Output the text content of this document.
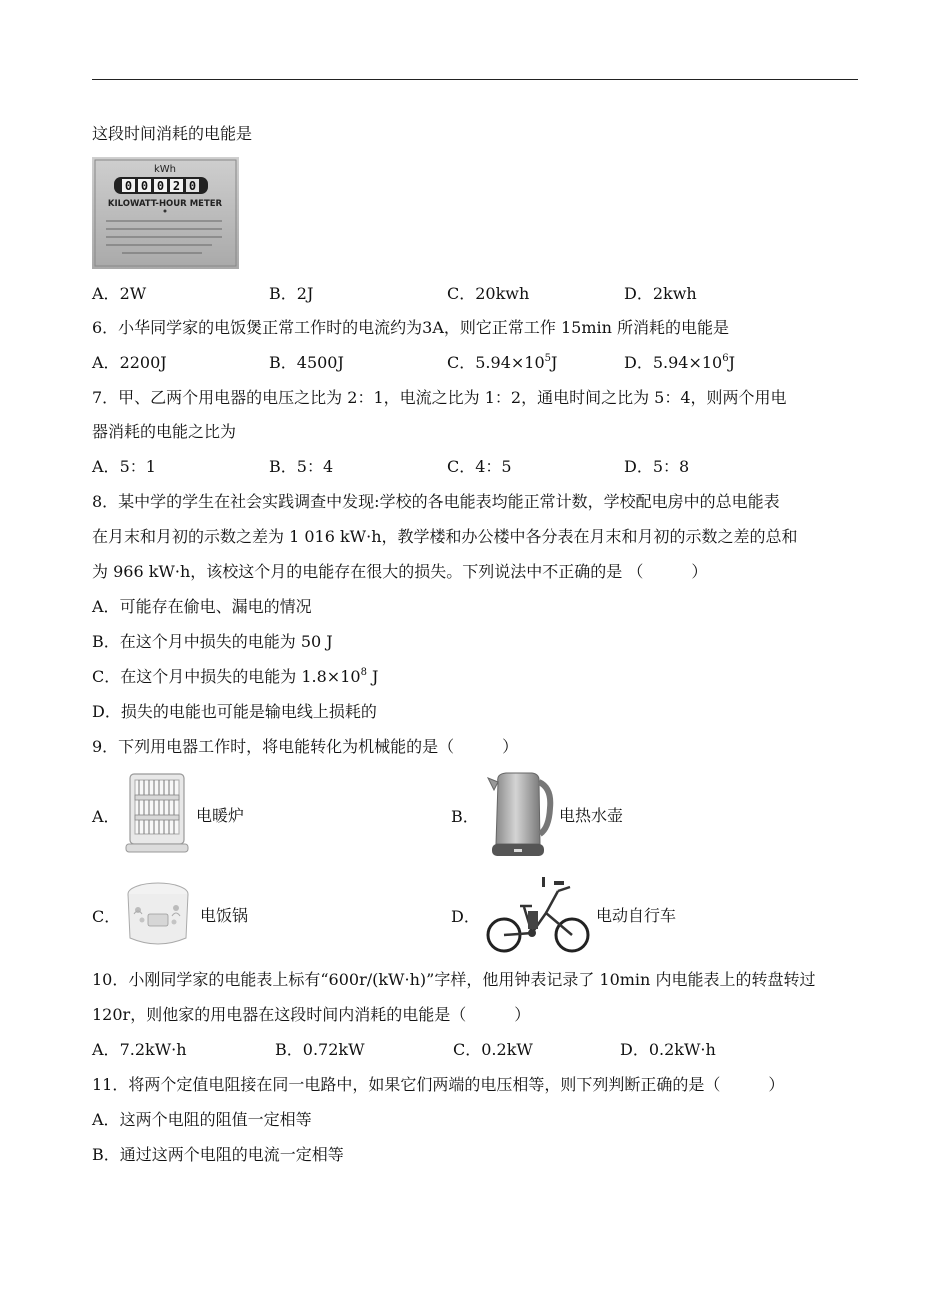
这段时间消耗的电能是
kWh
0 0 0 2 0
KILOWATT-HOUR METER
A．2W	B．2J	C．20kwh	D．2kwh
6．小华同学家的电饭煲正常工作时的电流约为3A，则它正常工作 15min 所消耗的电能是
A．2200J	B．4500J	C．$5.94\times 10^5J$	D．$5.94\times 10^6J$
7．甲、乙两个用电器的电压之比为 2：1，电流之比为 1：2，通电时间之比为 5：4，则两个用电
器消耗的电能之比为
A．5：1	B．5：4	C．4：5	D．5：8
8．某中学的学生在社会实践调查中发现:学校的各电能表均能正常计数，学校配电房中的总电能表
在月末和月初的示数之差为 1 016 kW·h，教学楼和办公楼中各分表在月末和月初的示数之差的总和
为 966 kW·h，该校这个月的电能存在很大的损失。下列说法中不正确的是 （　　　）
A．可能存在偷电、漏电的情况
B．在这个月中损失的电能为 50 J
C．在这个月中损失的电能为 $1.8\times 10^8$ J
D．损失的电能也可能是输电线上损耗的
9．下列用电器工作时，将电能转化为机械能的是（　　　）
A．	电暖炉	B．	电热水壶
C．	电饭锅	D．	电动自行车
10．小刚同学家的电能表上标有“600r/(kW·h)”字样，他用钟表记录了 10min 内电能表上的转盘转过
120r，则他家的用电器在这段时间内消耗的电能是（　　　）
A．7.2kW·h	B．0.72kW	C．0.2kW	D．0.2kW·h
11．将两个定值电阻接在同一电路中，如果它们两端的电压相等，则下列判断正确的是（　　　）
A．这两个电阻的阻值一定相等
B．通过这两个电阻的电流一定相等
